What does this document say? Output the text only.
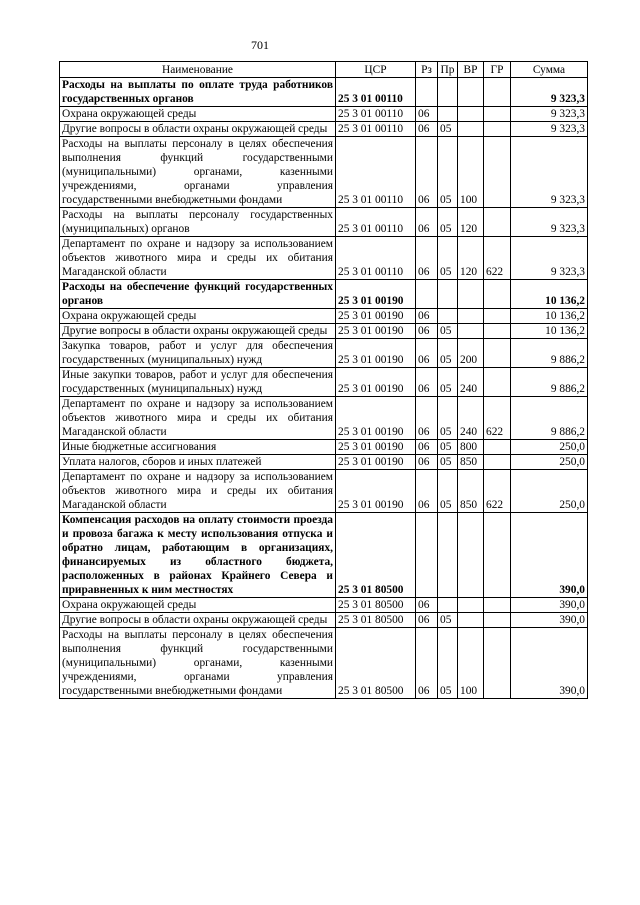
701
Наименование	ЦСР	Рз	Пр	ВР	ГР	Сумма
Расходы на выплаты по оплате труда работников государственных органов	25 3 01 00110					9 323,3
Охрана окружающей среды	25 3 01 00110	06				9 323,3
Другие вопросы в области охраны окружающей среды	25 3 01 00110	06	05			9 323,3
Расходы на выплаты персоналу в целях обеспечения выполнения функций государственными (муниципальными) органами, казенными учреждениями, органами управления государственными внебюджетными фондами	25 3 01 00110	06	05	100		9 323,3
Расходы на выплаты персоналу государственных (муниципальных) органов	25 3 01 00110	06	05	120		9 323,3
Департамент по охране и надзору за использованием объектов животного мира и среды их обитания Магаданской области	25 3 01 00110	06	05	120	622	9 323,3
Расходы на обеспечение функций государственных органов	25 3 01 00190					10 136,2
Охрана окружающей среды	25 3 01 00190	06				10 136,2
Другие вопросы в области охраны окружающей среды	25 3 01 00190	06	05			10 136,2
Закупка товаров, работ и услуг для обеспечения государственных (муниципальных) нужд	25 3 01 00190	06	05	200		9 886,2
Иные закупки товаров, работ и услуг для обеспечения государственных (муниципальных) нужд	25 3 01 00190	06	05	240		9 886,2
Департамент по охране и надзору за использованием объектов животного мира и среды их обитания Магаданской области	25 3 01 00190	06	05	240	622	9 886,2
Иные бюджетные ассигнования	25 3 01 00190	06	05	800		250,0
Уплата налогов, сборов и иных платежей	25 3 01 00190	06	05	850		250,0
Департамент по охране и надзору за использованием объектов животного мира и среды их обитания Магаданской области	25 3 01 00190	06	05	850	622	250,0
Компенсация расходов на оплату стоимости проезда и провоза багажа к месту использования отпуска и обратно лицам, работающим в организациях, финансируемых из областного бюджета, расположенных в районах Крайнего Севера и приравненных к ним местностях	25 3 01 80500					390,0
Охрана окружающей среды	25 3 01 80500	06				390,0
Другие вопросы в области охраны окружающей среды	25 3 01 80500	06	05			390,0
Расходы на выплаты персоналу в целях обеспечения выполнения функций государственными (муниципальными) органами, казенными учреждениями, органами управления государственными внебюджетными фондами	25 3 01 80500	06	05	100		390,0
